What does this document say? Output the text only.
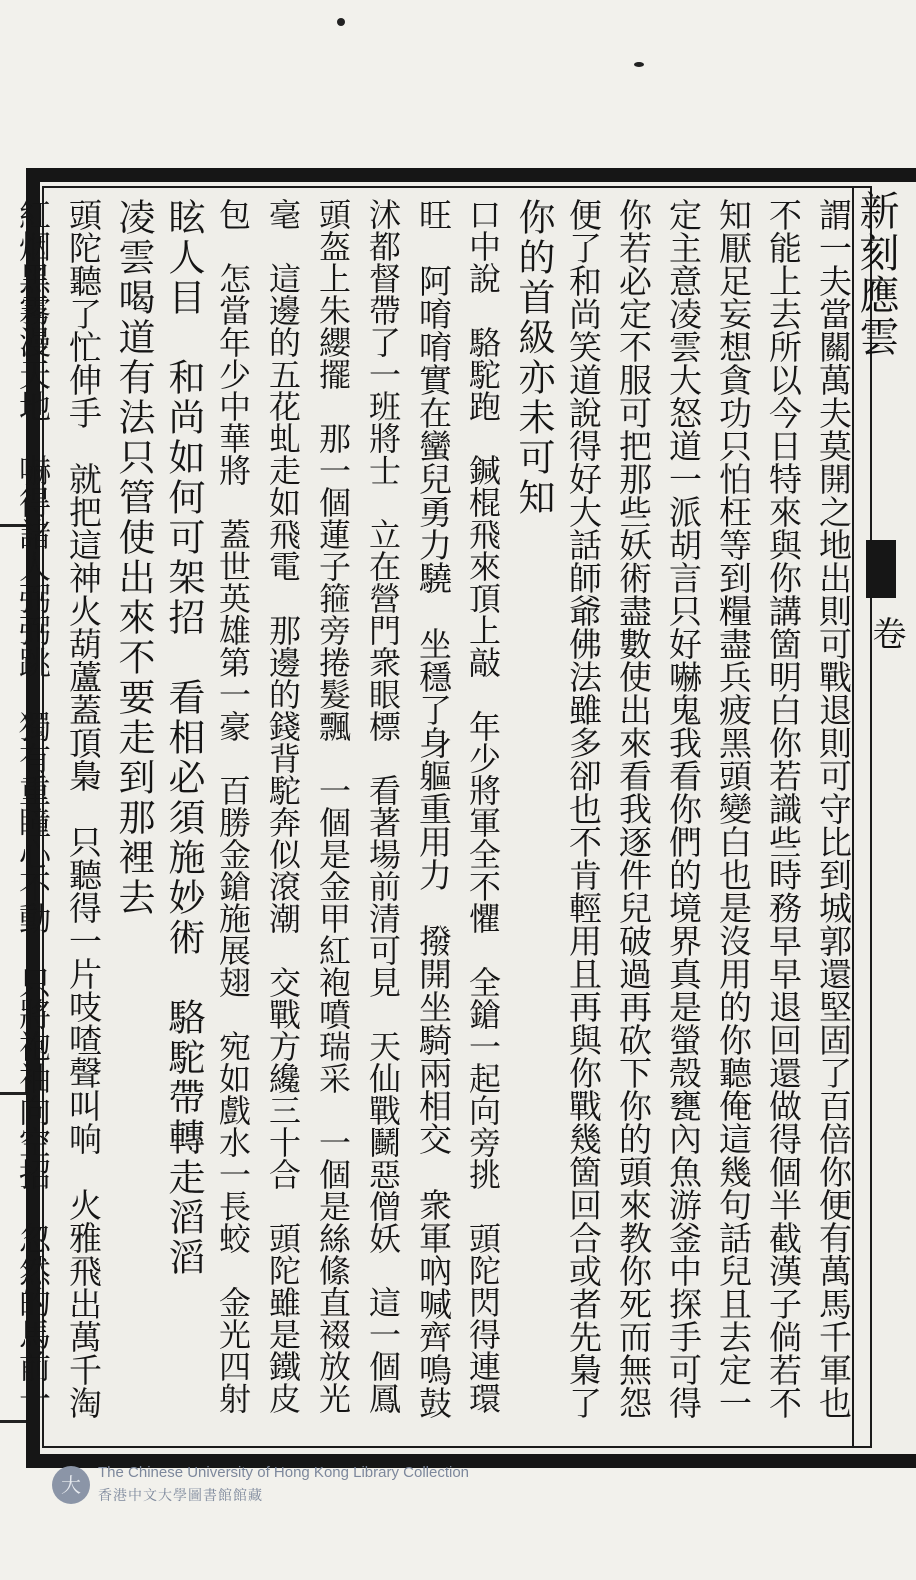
新刻應雲
卷
謂一夫當關萬夫莫開之地出則可戰退則可守比到城郭還堅固了百倍你便有萬馬千軍也
不能上去所以今日特來與你講箇明白你若識些時務早早退回還做得個半截漢子倘若不
知厭足妄想貪功只怕枉等到糧盡兵疲黑頭變白也是沒用的你聽俺這幾句話兒且去定一
定主意凌雲大怒道一派胡言只好嚇鬼我看你們的境界真是螢殼甕內魚游釜中探手可得
你若必定不服可把那些妖術盡數使出來看我逐件兒破過再砍下你的頭來教你死而無怨
便了和尚笑道說得好大話師爺佛法雖多卻也不肯輕用且再與你戰幾箇回合或者先梟了
你的首級亦未可知
口中說　駱駝跑　鍼棍飛來頂上敲　年少將軍全不懼　全鎗一起向旁挑　頭陀閃得連環
旺　阿唷唷實在蠻兒勇力驍　坐穩了身軀重用力　撥開坐騎兩相交　衆軍吶喊齊鳴鼓
沭都督帶了一班將士　立在營門衆眼標　看著場前清可見　天仙戰鬭惡僧妖　這一個鳳
頭盔上朱纓擺　那一個蓮子箍旁捲髮飄　一個是金甲紅袍噴瑞采　一個是絲絛直裰放光
毫　這邊的五花虬走如飛電　那邊的錢背駝奔似滾潮　交戰方纔三十合　頭陀雖是鐵皮
包　怎當年少中華將　蓋世英雄第一豪　百勝金鎗施展翅　宛如戲水一長蛟　金光四射
眩人目　和尚如何可架招　看相必須施妙術　駱駝帶轉走滔滔
凌雲喝道有法只管使出來不要走到那裡去
頭陀聽了忙伸手　就把這神火葫蘆蓋頂梟　只聽得一片吱喳聲叫响　火雅飛出萬千淘
紅烟黑霧漫天地　嚇得諸人弼弼跳　獨有重瞳心不動　只將袍袖向空招　忽然的馬前一
大
The Chinese University of Hong Kong Library Collection
香港中文大學圖書館館藏
